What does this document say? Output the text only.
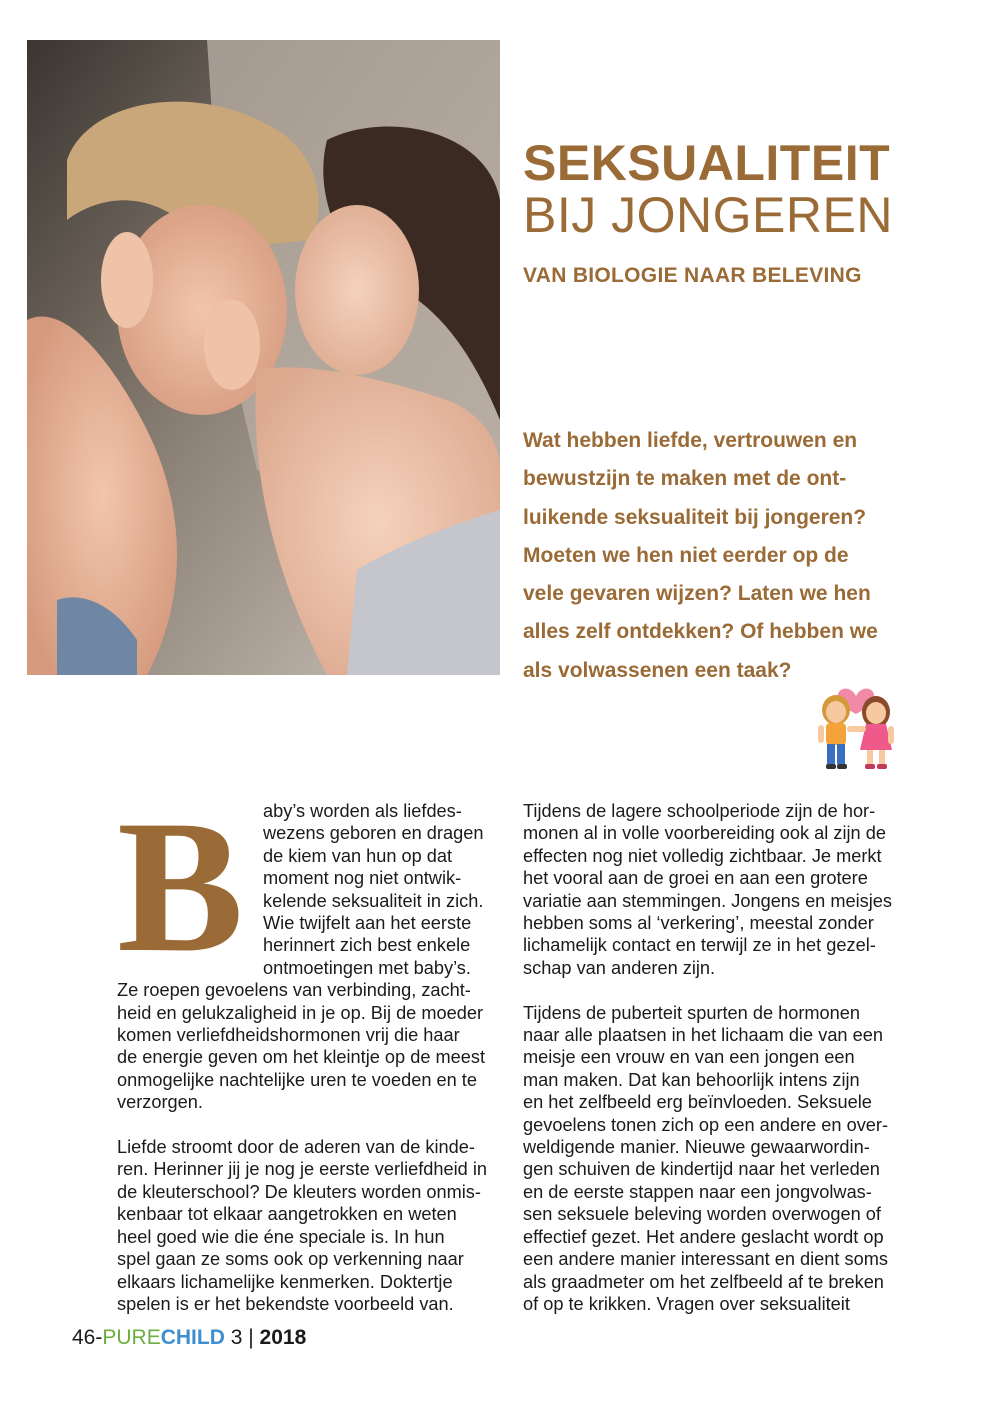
SEKSUALITEIT
BIJ JONGEREN
VAN BIOLOGIE NAAR BELEVING

Wat hebben liefde, vertrouwen en
bewustzijn te maken met de ont-
luikende seksualiteit bij jongeren?
Moeten we hen niet eerder op de
vele gevaren wijzen? Laten we hen
alles zelf ontdekken? Of hebben we
als volwassenen een taak?

B	aby’s worden als liefdes-
wezens geboren en dragen
de kiem van hun op dat
moment nog niet ontwik-
kelende seksualiteit in zich.
Wie twijfelt aan het eerste
herinnert zich best enkele
ontmoetingen met baby’s.
Ze roepen gevoelens van verbinding, zacht-
heid en gelukzaligheid in je op. Bij de moeder
komen verliefdheidshormonen vrij die haar
de energie geven om het kleintje op de meest
onmogelijke nachtelijke uren te voeden en te
verzorgen.

Liefde stroomt door de aderen van de kinde-
ren. Herinner jij je nog je eerste verliefdheid in
de kleuterschool? De kleuters worden onmis-
kenbaar tot elkaar aangetrokken en weten
heel goed wie die éne speciale is. In hun
spel gaan ze soms ook op verkenning naar
elkaars lichamelijke kenmerken. Doktertje
spelen is er het bekendste voorbeeld van.

Tijdens de lagere schoolperiode zijn de hor-
monen al in volle voorbereiding ook al zijn de
effecten nog niet volledig zichtbaar. Je merkt
het vooral aan de groei en aan een grotere
variatie aan stemmingen. Jongens en meisjes
hebben soms al ‘verkering’, meestal zonder
lichamelijk contact en terwijl ze in het gezel-
schap van anderen zijn.

Tijdens de puberteit spurten de hormonen
naar alle plaatsen in het lichaam die van een
meisje een vrouw en van een jongen een
man maken. Dat kan behoorlijk intens zijn
en het zelfbeeld erg beïnvloeden. Seksuele
gevoelens tonen zich op een andere en over-
weldigende manier. Nieuwe gewaarwordin-
gen schuiven de kindertijd naar het verleden
en de eerste stappen naar een jongvolwas-
sen seksuele beleving worden overwogen of
effectief gezet. Het andere geslacht wordt op
een andere manier interessant en dient soms
als graadmeter om het zelfbeeld af te breken
of op te krikken. Vragen over seksualiteit

46-PURECHILD 3 | 2018
